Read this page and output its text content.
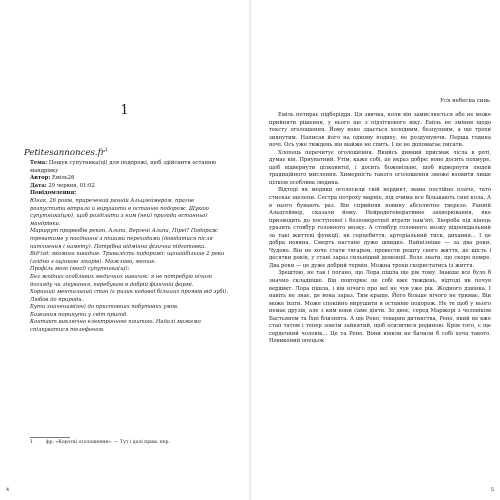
1
$Petitesannonces.fr^1$

Тема: Пошук супутника(ці) для подорожі, щоб здійснити останню мандрівку

Автор: Еміль26

Дата: 29 червня, 01:02

Повідомлення:

Юнак, 26 років, приречений ранній Альцгеймером, прагне розпустити вітрила й вирушити в останню подорож. Шукаю супутника(цю), щоб розділити з ним (ней) пригоди останньої мандрівки.

Маршрут прорвобів рекон. Альпи, Вергені Альпи, Піреі? Подорож треватиме у поєднанні з пішими переходами (довідатися після натхнення і намету). Потрібна відмінна фізична підготовка.

Від'їзд: якомога швидше. Тривалість подорожі: щонайбільше 2 роки (згідно з оцінкою лікарів). Можливо, менше.

Профіль мого (моєї) супутника(ці):

Без жодних особливих медичних навичок: я не потребую нічого догляду чи лікування, перебуваю в добрій фізичній формі.

Хороший ментальний стан (є ризик кодавої більших проявів від зубі).

Любов до природи.

Бути значеним(ою) до пристовних побутових умов.

Бажання поринути у світ пригод.

Контакт виключно електронною поштою. Надалі можемо спілкуватися телефоном.

1	фр. «Короткі оголошення». — Тут і далі прим. пер.
4
Уся небесна синь

Еміль потирає підборіддя. Ця звичка, коли він замислюється або не може прийняти рішення, у нього ще з підліткового віку. Еміль не змінив щодо тексту оголошення. Йому воно здається холодним, безцупним, а ще трохи зиянутим. Написав його на одному подиху, не роздумуючи. Перша година ночі. Ось уже тиждень він майже не спить. І це не допомагає писати.

Хлопець перечитує оголошення. Якийсь дивний присмак лісла в роті, думає він. Приуватний. Утім, каже собі, це якраз добре: воно досить похмуре, щоб відвернути цілковитої, і досить божевільне, щоб відвернути людей традиційного мислення. Химерність такого оголошення зможе вловити лише цілком особлива людина.

Відтоді як медики оголосили свій вердикт, мама постійно плаче, тато стискає щелепи. Сестра потроху марніє, під очима все більшають сині кола. А в нього бувають раз. Він сприйняв новину абсолютно тверезо. Ранній Альцгеймер, сказали йому. Нейродегенеративне захворювання, яке призводить до поступової і безповоротної втрати пам'яті. Хвороба під кінець уразить стовбур головного мозку. А стовбур головного мозку відповідальний за такі життєві функції, як серцебиття, артеріальний тиск, дихання... І це добра новина. Смерть настане дуже швидко. Найпізніше — за два роки. Чудово. Він не хоче стати тягарем, провести решту свого життя, де шість і десятки років, у стані зараз сильніший деменції. Воле знати, що скоро помре. Два роки — це дуже добрий термін. Можна трохи скористатись із життя.

Зрештою, не так і погано, що Лора пішла ще рік тому. Інакше все було б значно складніше. Він повторює це собі вже тиждень, відтоді як почув вердикт. Лора пішла, і він нічого про неї не чув уже рік. Жодного дзвінка. І навіть не знає, де вона зараз. Тим краще. Його більше нічого не тримає. Він може їхати. Може спокійно вирушити в останню подорож. Не те щоб у нього немає друзів, але з ким вони саме діяти. Зо двоє, серед Маржорі з чоловіком Бастьяном та Їхні близнята. А ще Рено, товарин дитинства, Рено, який не вже стап татом і тепер зовсім зайнятий, щоб осилитися родиною. Крім того, є ще сердечний чоловік... Це та Рено. Вони віякли не бачили б собі хоча такого. Невиконий опецьок

5
